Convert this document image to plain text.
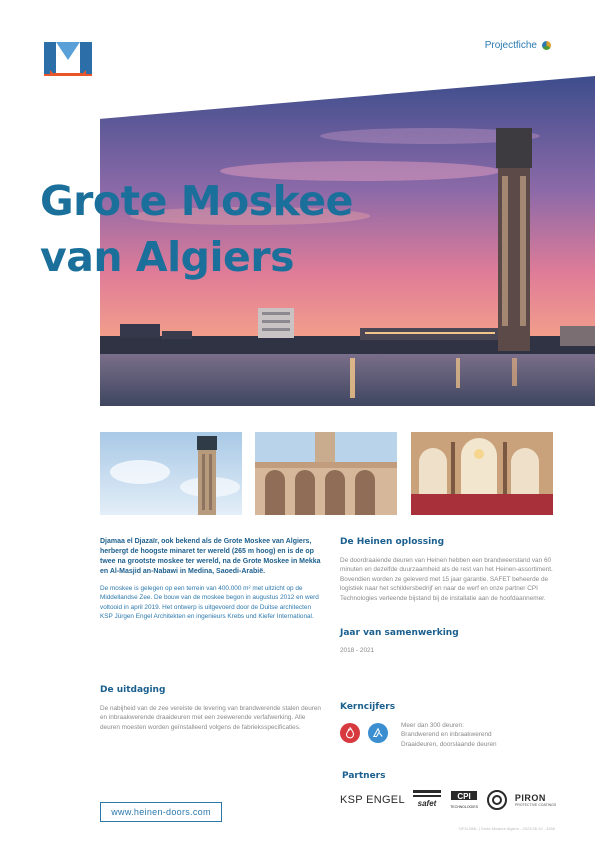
Projectfiche
Grote Moskee
van Algiers

Djamaa el Djazaïr, ook bekend als de Grote Moskee van Algiers, herbergt de hoogste minaret ter wereld (265 m hoog) en is de op twee na grootste moskee ter wereld, na de Grote Moskee in Mekka en Al-Masjid an-Nabawi in Medina, Saoedi-Arabië.

De moskee is gelegen op een terrein van 400.000 m² met uitzicht op de Middellandse Zee. De bouw van de moskee begon in augustus 2012 en werd voltooid in april 2019. Het ontwerp is uitgevoerd door de Duitse architecten KSP Jürgen Engel Architekten en ingenieurs Krebs und Kiefer International.

De uitdaging

De nabijheid van de zee vereiste de levering van brandwerende stalen deuren en inbraakwerende draaideuren met een zeewerende verfafwerking. Alle deuren moesten worden geïnstalleerd volgens de fabrieksspecificaties.

De Heinen oplossing

De doordraaiende deuren van Heinen hebben een brandweerstand van 60 minuten en dezelfde duurzaamheid als de rest van het Heinen-assortiment. Bovendien worden ze geleverd met 15 jaar garantie. SAFET beheerde de logistiek naar het schildersbedrijf en naar de werf en onze partner CPI Technologies verleende bijstand bij de installatie aan de hoofdaannemer.

Jaar van samenwerking

2018 - 2021

Kerncijfers
Meer dan 300 deuren:
Brandwerend en inbraakwerend
Draaideuren, doorslaande deuren
Partners
KSP ENGEL safet
CPI
TECHNOLOGIES
PIRON
PROTECTIVE COATINGS
www.heinen-doors.com
DPG-NML | Grote Moskee Algiers - 2023.06.19 - 3456
